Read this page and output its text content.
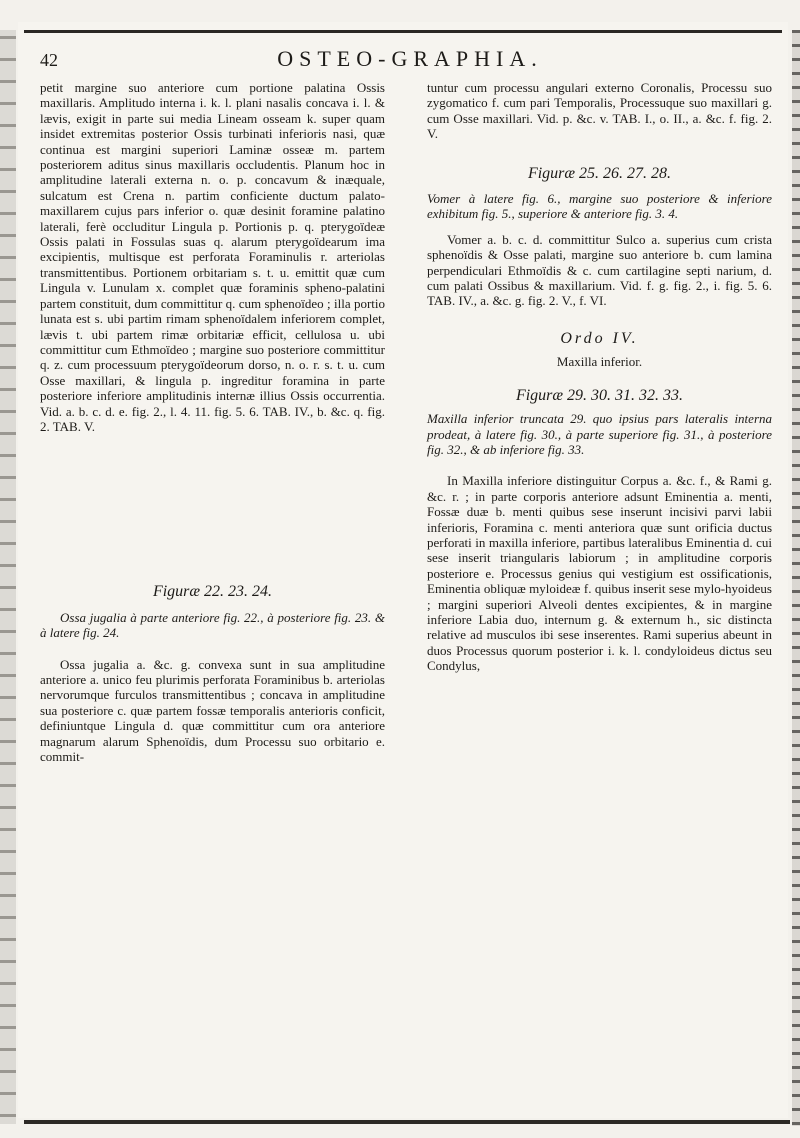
42	OSTEO-GRAPHIA.

petit margine suo anteriore cum portione palatina Ossis maxillaris. Amplitudo interna i. k. l. plani nasalis concava i. l. & lævis, exigit in parte sui media Lineam osseam k. super quam insidet extremitas posterior Ossis turbinati inferioris nasi, quæ continua est margini superiori Laminæ osseæ m. partem posteriorem aditus sinus maxillaris occludentis. Planum hoc in amplitudine laterali externa n. o. p. concavum & inæquale, sulcatum est Crena n. partim conficiente ductum palato-maxillarem cujus pars inferior o. quæ desinit foramine palatino laterali, ferè occluditur Lingula p. Portionis p. q. pterygoïdeæ Ossis palati in Fossulas suas q. alarum pterygoïdearum ima excipientis, multisque est perforata Foraminulis r. arteriolas transmittentibus. Portionem orbitariam s. t. u. emittit quæ cum Lingula v. Lunulam x. complet quæ foraminis spheno-palatini partem constituit, dum committitur q. cum sphenoïdeo ; illa portio lunata est s. ubi partim rimam sphenoïdalem inferiorem complet, lævis t. ubi partem rimæ orbitariæ efficit, cellulosa u. ubi committitur cum Ethmoïdeo ; margine suo posteriore committitur q. z. cum processuum pterygoïdeorum dorso, n. o. r. s. t. u. cum Osse maxillari, & lingula p. ingreditur foramina in parte posteriore inferiore amplitudinis internæ illius Ossis occurrentia. Vid. a. b. c. d. e. fig. 2., l. 4. 11. fig. 5. 6. TAB. IV., b. &c. q. fig. 2. TAB. V.

Figuræ 22. 23. 24.

Ossa jugalia à parte anteriore fig. 22., à posteriore fig. 23. & à latere fig. 24.

Ossa jugalia a. &c. g. convexa sunt in sua amplitudine anteriore a. unico feu plurimis perforata Foraminibus b. arteriolas nervorumque furculos transmittentibus ; concava in amplitudine sua posteriore c. quæ partem fossæ temporalis anterioris conficit, definiuntque Lingula d. quæ committitur cum ora anteriore magnarum alarum Sphenoïdis, dum Processu suo orbitario e. commit-

tuntur cum processu angulari externo Coronalis, Processu suo zygomatico f. cum pari Temporalis, Processuque suo maxillari g. cum Osse maxillari. Vid. p. &c. v. TAB. I., o. II., a. &c. f. fig. 2. V.

Figuræ 25. 26. 27. 28.

Vomer à latere fig. 6., margine suo posteriore & inferiore exhibitum fig. 5., superiore & anteriore fig. 3. 4.

Vomer a. b. c. d. committitur Sulco a. superius cum crista sphenoïdis & Osse palati, margine suo anteriore b. cum lamina perpendiculari Ethmoïdis & c. cum cartilagine septi narium, d. cum palati Ossibus & maxillarium. Vid. f. g. fig. 2., i. fig. 5. 6. TAB. IV., a. &c. g. fig. 2. V., f. VI.

Ordo IV.

Maxilla inferior.

Figuræ 29. 30. 31. 32. 33.

Maxilla inferior truncata 29. quo ipsius pars lateralis interna prodeat, à latere fig. 30., à parte superiore fig. 31., à posteriore fig. 32., & ab inferiore fig. 33.

In Maxilla inferiore distinguitur Corpus a. &c. f., & Rami g. &c. r. ; in parte corporis anteriore adsunt Eminentia a. menti, Fossæ duæ b. menti quibus sese inserunt incisivi parvi labii inferioris, Foramina c. menti anteriora quæ sunt orificia ductus perforati in maxilla inferiore, partibus lateralibus Eminentia d. cui sese inserit triangularis labiorum ; in amplitudine corporis posteriore e. Processus genius qui vestigium est ossificationis, Eminentia obliquæ myloideæ f. quibus inserit sese mylo-hyoideus ; margini superiori Alveoli dentes excipientes, & in margine inferiore Labia duo, internum g. & externum h., sic distincta relative ad musculos ibi sese inserentes. Rami superius abeunt in duos Processus quorum posterior i. k. l. condyloideus dictus seu Condylus,
